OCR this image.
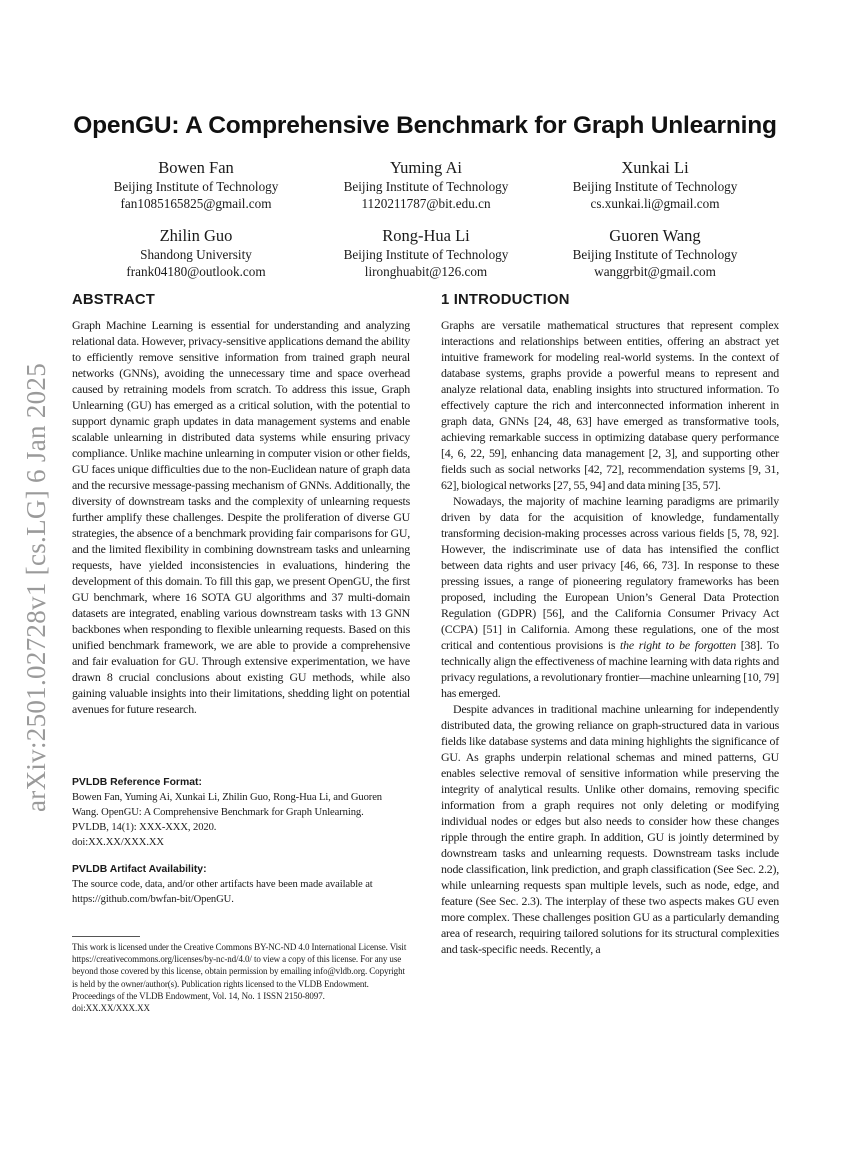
arXiv:2501.02728v1 [cs.LG] 6 Jan 2025
OpenGU: A Comprehensive Benchmark for Graph Unlearning
Bowen Fan
Beijing Institute of Technology
fan1085165825@gmail.com
Yuming Ai
Beijing Institute of Technology
1120211787@bit.edu.cn
Xunkai Li
Beijing Institute of Technology
cs.xunkai.li@gmail.com
Zhilin Guo
Shandong University
frank04180@outlook.com
Rong-Hua Li
Beijing Institute of Technology
lironghuabit@126.com
Guoren Wang
Beijing Institute of Technology
wanggrbit@gmail.com
ABSTRACT

Graph Machine Learning is essential for understanding and analyzing relational data. However, privacy-sensitive applications demand the ability to efficiently remove sensitive information from trained graph neural networks (GNNs), avoiding the unnecessary time and space overhead caused by retraining models from scratch. To address this issue, Graph Unlearning (GU) has emerged as a critical solution, with the potential to support dynamic graph updates in data management systems and enable scalable unlearning in distributed data systems while ensuring privacy compliance. Unlike machine unlearning in computer vision or other fields, GU faces unique difficulties due to the non-Euclidean nature of graph data and the recursive message-passing mechanism of GNNs. Additionally, the diversity of downstream tasks and the complexity of unlearning requests further amplify these challenges. Despite the proliferation of diverse GU strategies, the absence of a benchmark providing fair comparisons for GU, and the limited flexibility in combining downstream tasks and unlearning requests, have yielded inconsistencies in evaluations, hindering the development of this domain. To fill this gap, we present OpenGU, the first GU benchmark, where 16 SOTA GU algorithms and 37 multi-domain datasets are integrated, enabling various downstream tasks with 13 GNN backbones when responding to flexible unlearning requests. Based on this unified benchmark framework, we are able to provide a comprehensive and fair evaluation for GU. Through extensive experimentation, we have drawn 8 crucial conclusions about existing GU methods, while also gaining valuable insights into their limitations, shedding light on potential avenues for future research.

PVLDB Reference Format:

Bowen Fan, Yuming Ai, Xunkai Li, Zhilin Guo, Rong-Hua Li, and Guoren Wang. OpenGU: A Comprehensive Benchmark for Graph Unlearning.

PVLDB, 14(1): XXX-XXX, 2020.

doi:XX.XX/XXX.XX

PVLDB Artifact Availability:

The source code, data, and/or other artifacts have been made available at https://github.com/bwfan-bit/OpenGU.

This work is licensed under the Creative Commons BY-NC-ND 4.0 International License. Visit https://creativecommons.org/licenses/by-nc-nd/4.0/ to view a copy of this license. For any use beyond those covered by this license, obtain permission by emailing info@vldb.org. Copyright is held by the owner/author(s). Publication rights licensed to the VLDB Endowment.

Proceedings of the VLDB Endowment, Vol. 14, No. 1 ISSN 2150-8097.

doi:XX.XX/XXX.XX

1 INTRODUCTION

Graphs are versatile mathematical structures that represent complex interactions and relationships between entities, offering an abstract yet intuitive framework for modeling real-world systems. In the context of database systems, graphs provide a powerful means to represent and analyze relational data, enabling insights into structured information. To effectively capture the rich and interconnected information inherent in graph data, GNNs [24, 48, 63] have emerged as transformative tools, achieving remarkable success in optimizing database query performance [4, 6, 22, 59], enhancing data management [2, 3], and supporting other fields such as social networks [42, 72], recommendation systems [9, 31, 62], biological networks [27, 55, 94] and data mining [35, 57].

Nowadays, the majority of machine learning paradigms are primarily driven by data for the acquisition of knowledge, fundamentally transforming decision-making processes across various fields [5, 78, 92]. However, the indiscriminate use of data has intensified the conflict between data rights and user privacy [46, 66, 73]. In response to these pressing issues, a range of pioneering regulatory frameworks has been proposed, including the European Union’s General Data Protection Regulation (GDPR) [56], and the California Consumer Privacy Act (CCPA) [51] in California. Among these regulations, one of the most critical and contentious provisions is the right to be forgotten [38]. To technically align the effectiveness of machine learning with data rights and privacy regulations, a revolutionary frontier—machine unlearning [10, 79] has emerged.

Despite advances in traditional machine unlearning for independently distributed data, the growing reliance on graph-structured data in various fields like database systems and data mining highlights the significance of GU. As graphs underpin relational schemas and mined patterns, GU enables selective removal of sensitive information while preserving the integrity of analytical results. Unlike other domains, removing specific information from a graph requires not only deleting or modifying individual nodes or edges but also needs to consider how these changes ripple through the entire graph. In addition, GU is jointly determined by downstream tasks and unlearning requests. Downstream tasks include node classification, link prediction, and graph classification (See Sec. 2.2), while unlearning requests span multiple levels, such as node, edge, and feature (See Sec. 2.3). The interplay of these two aspects makes GU even more complex. These challenges position GU as a particularly demanding area of research, requiring tailored solutions for its structural complexities and task-specific needs. Recently, a
